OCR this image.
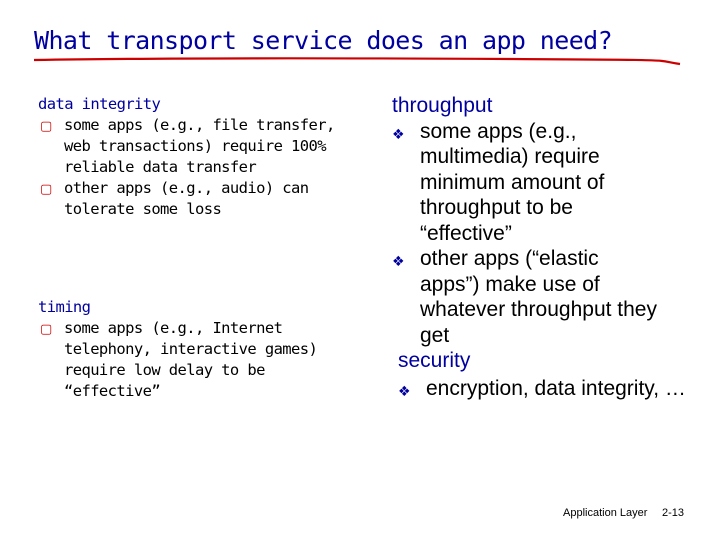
What transport service does an app need?
data integrity
▢ some apps (e.g., file transfer, web transactions) require 100% reliable data transfer
▢ other apps (e.g., audio) can tolerate some loss
timing
▢ some apps (e.g., Internet telephony, interactive games) require low delay to be “effective”
throughput
❖ some apps (e.g., multimedia) require minimum amount of throughput to be “effective”
❖ other apps (“elastic apps”) make use of whatever throughput they get
security
❖ encryption, data integrity, …
Application Layer 2-13
